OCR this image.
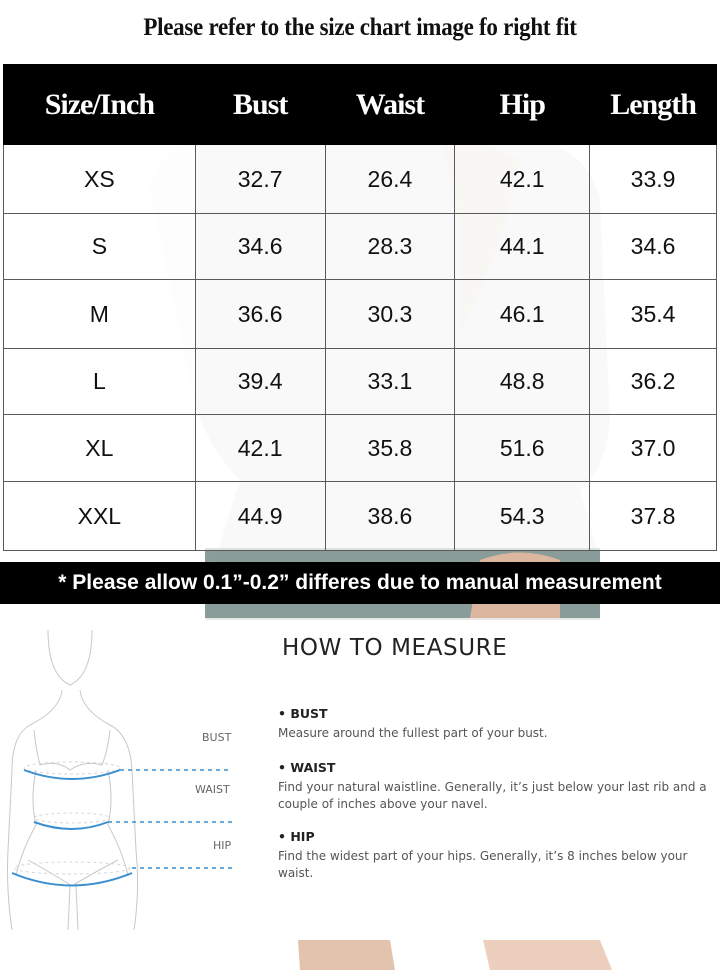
Please refer to the size chart image fo right fit
Size/Inch	Bust	Waist	Hip	Length
XS	32.7	26.4	42.1	33.9
S	34.6	28.3	44.1	34.6
M	36.6	30.3	46.1	35.4
L	39.4	33.1	48.8	36.2
XL	42.1	35.8	51.6	37.0
XXL	44.9	38.6	54.3	37.8
* Please allow 0.1”-0.2” differes due to manual measurement
BUST
WAIST
HIP
HOW TO MEASURE
• BUST
Measure around the fullest part of your bust.
• WAIST
Find your natural waistline. Generally, it’s just below your last rib and a couple of inches above your navel.
• HIP
Find the widest part of your hips. Generally, it’s 8 inches below your waist.
